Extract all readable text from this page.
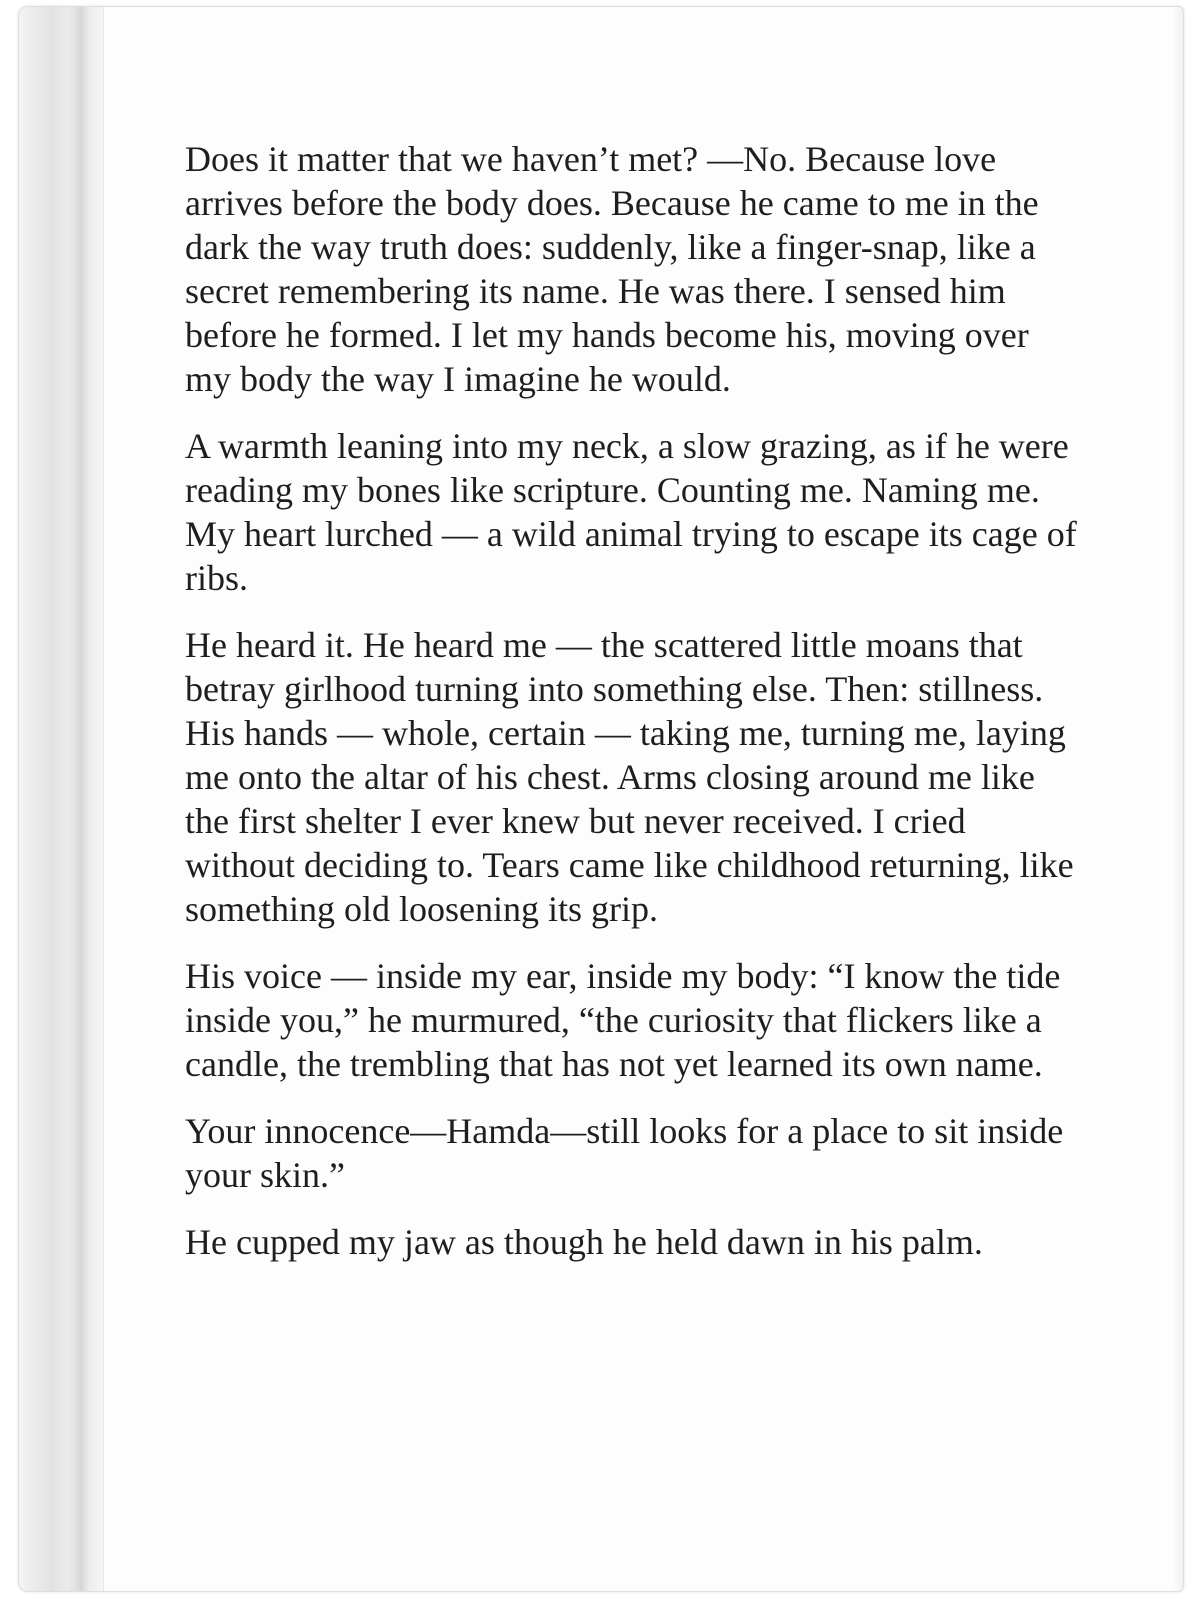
Does it matter that we haven’t met? —No. Because love arrives before the body does. Because he came to me in the dark the way truth does: suddenly, like a finger-snap, like a secret remembering its name. He was there. I sensed him before he formed. I let my hands become his, moving over my body the way I imagine he would.

A warmth leaning into my neck, a slow grazing, as if he were reading my bones like scripture. Counting me. Naming me. My heart lurched — a wild animal trying to escape its cage of ribs.

He heard it. He heard me — the scattered little moans that betray girlhood turning into something else. Then: stillness. His hands — whole, certain — taking me, turning me, laying me onto the altar of his chest. Arms closing around me like the first shelter I ever knew but never received. I cried without deciding to. Tears came like childhood returning, like something old loosening its grip.

His voice — inside my ear, inside my body: “I know the tide inside you,” he murmured, “the curiosity that flickers like a candle, the trembling that has not yet learned its own name.

Your innocence—Hamda—still looks for a place to sit inside your skin.”

He cupped my jaw as though he held dawn in his palm.
